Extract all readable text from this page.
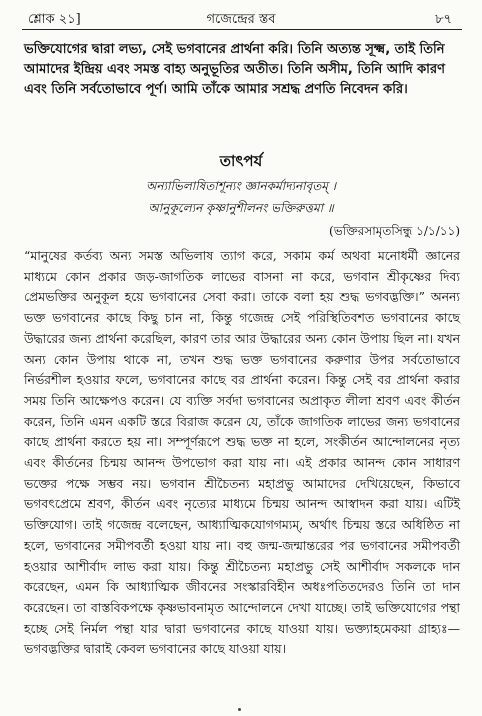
শ্লোক ২১]	গজেন্দ্রের স্তব	৮৭
ভক্তিযোগের দ্বারা লভ্য, সেই ভগবানের প্রার্থনা করি। তিনি অত্যন্ত সূক্ষ্ম, তাই তিনি আমাদের ইন্দ্রিয় এবং সমস্ত বাহ্য অনুভূতির অতীত। তিনি অসীম, তিনি আদি কারণ এবং তিনি সর্বতোভাবে পূর্ণ। আমি তাঁকে আমার সশ্রদ্ধ প্রণতি নিবেদন করি।
তাৎপর্য
অন্যাভিলাষিতাশূন্যং জ্ঞানকর্মাদ্যনাবৃতম্ ।
আনুকূল্যেন কৃষ্ণানুশীলনং ভক্তিরুত্তমা ॥
(ভক্তিরসামৃতসিন্ধু ১/১/১১)
“মানুষের কর্তব্য অন্য সমস্ত অভিলাষ ত্যাগ করে, সকাম কর্ম অথবা মনোধর্মী জ্ঞানের মাধ্যমে কোন প্রকার জড়-জাগতিক লাভের বাসনা না করে, ভগবান শ্রীকৃষ্ণের দিব্য প্রেমভক্তির অনুকূল হয়ে ভগবানের সেবা করা। তাকে বলা হয় শুদ্ধ ভগবদ্ভক্তি।” অনন্য ভক্ত ভগবানের কাছে কিছু চান না, কিন্তু গজেন্দ্র সেই পরিস্থিতিবশত ভগবানের কাছে উদ্ধারের জন্য প্রার্থনা করেছিল, কারণ তার আর উদ্ধারের অন্য কোন উপায় ছিল না। যখন অন্য কোন উপায় থাকে না, তখন শুদ্ধ ভক্ত ভগবানের করুণার উপর সর্বতোভাবে নির্ভরশীল হওয়ার ফলে, ভগবানের কাছে বর প্রার্থনা করেন। কিন্তু সেই বর প্রার্থনা করার সময় তিনি আক্ষেপও করেন। যে ব্যক্তি সর্বদা ভগবানের অপ্রাকৃত লীলা শ্রবণ এবং কীর্তন করেন, তিনি এমন একটি স্তরে বিরাজ করেন যে, তাঁকে জাগতিক লাভের জন্য ভগবানের কাছে প্রার্থনা করতে হয় না। সম্পূর্ণরূপে শুদ্ধ ভক্ত না হলে, সংকীর্তন আন্দোলনের নৃত্য এবং কীর্তনের চিন্ময় আনন্দ উপভোগ করা যায় না। এই প্রকার আনন্দ কোন সাধারণ ভক্তের পক্ষে সম্ভব নয়। ভগবান শ্রীচৈতন্য মহাপ্রভু আমাদের দেখিয়েছেন, কিভাবে ভগবৎপ্রেমে শ্রবণ, কীর্তন এবং নৃত্যের মাধ্যমে চিন্ময় আনন্দ আস্বাদন করা যায়। এটিই ভক্তিযোগ। তাই গজেন্দ্র বলেছেন, আধ্যাত্মিকযোগগম্যম্, অর্থাৎ চিন্ময় স্তরে অধিষ্ঠিত না হলে, ভগবানের সমীপবর্তী হওয়া যায় না। বহু জন্ম-জন্মান্তরের পর ভগবানের সমীপবর্তী হওয়ার আশীর্বাদ লাভ করা যায়। কিন্তু শ্রীচৈতন্য মহাপ্রভু সেই আশীর্বাদ সকলকে দান করেছেন, এমন কি আধ্যাত্মিক জীবনের সংস্কারবিহীন অধঃপতিতদেরও তিনি তা দান করেছেন। তা বাস্তবিকপক্ষে কৃষ্ণভাবনামৃত আন্দোলনে দেখা যাচ্ছে। তাই ভক্তিযোগের পন্থা হচ্ছে সেই নির্মল পন্থা যার দ্বারা ভগবানের কাছে যাওয়া যায়। ভক্ত্যাহমেকয়া গ্রাহ্যঃ—ভগবদ্ভক্তির দ্বারাই কেবল ভগবানের কাছে যাওয়া যায়।
